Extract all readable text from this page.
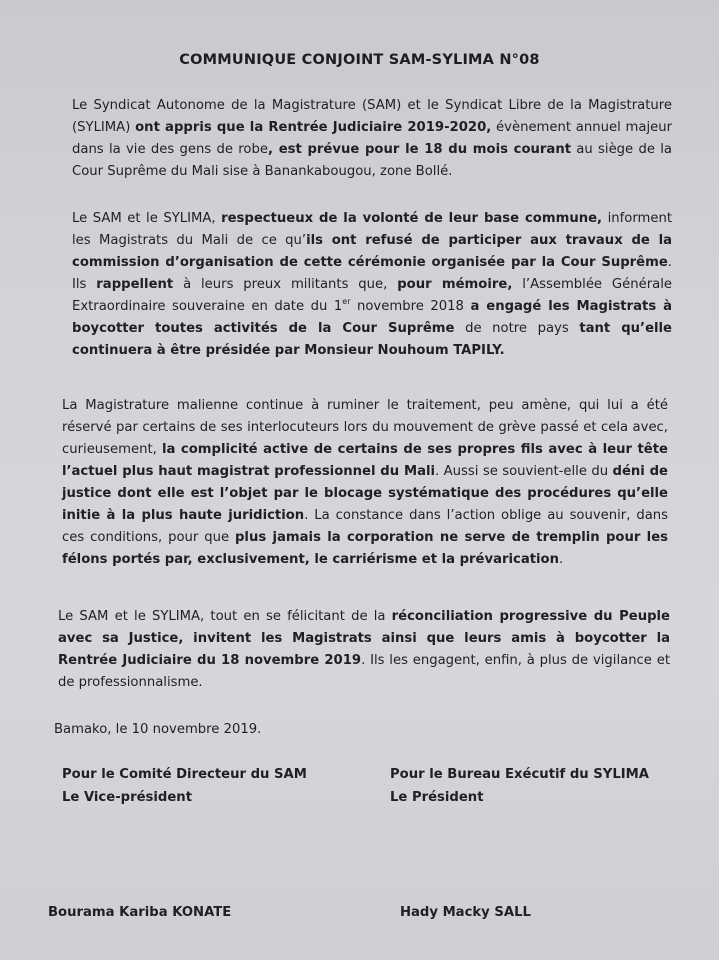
COMMUNIQUE CONJOINT SAM-SYLIMA N°08
Le Syndicat Autonome de la Magistrature (SAM) et le Syndicat Libre de la Magistrature (SYLIMA) ont appris que la Rentrée Judiciaire 2019-2020, évènement annuel majeur dans la vie des gens de robe, est prévue pour le 18 du mois courant au siège de la Cour Suprême du Mali sise à Banankabougou, zone Bollé.
Le SAM et le SYLIMA, respectueux de la volonté de leur base commune, informent les Magistrats du Mali de ce qu’ils ont refusé de participer aux travaux de la commission d’organisation de cette cérémonie organisée par la Cour Suprême. Ils rappellent à leurs preux militants que, pour mémoire, l’Assemblée Générale Extraordinaire souveraine en date du 1er novembre 2018 a engagé les Magistrats à boycotter toutes activités de la Cour Suprême de notre pays tant qu’elle continuera à être présidée par Monsieur Nouhoum TAPILY.
La Magistrature malienne continue à ruminer le traitement, peu amène, qui lui a été réservé par certains de ses interlocuteurs lors du mouvement de grève passé et cela avec, curieusement, la complicité active de certains de ses propres fils avec à leur tête l’actuel plus haut magistrat professionnel du Mali. Aussi se souvient-elle du déni de justice dont elle est l’objet par le blocage systématique des procédures qu’elle initie à la plus haute juridiction. La constance dans l’action oblige au souvenir, dans ces conditions, pour que plus jamais la corporation ne serve de tremplin pour les félons portés par, exclusivement, le carriérisme et la prévarication.
Le SAM et le SYLIMA, tout en se félicitant de la réconciliation progressive du Peuple avec sa Justice, invitent les Magistrats ainsi que leurs amis à boycotter la Rentrée Judiciaire du 18 novembre 2019. Ils les engagent, enfin, à plus de vigilance et de professionnalisme.
Bamako, le 10 novembre 2019.
Pour le Comité Directeur du SAM
Le Vice-président
Pour le Bureau Exécutif du SYLIMA
Le Président
Bourama Kariba KONATE	Hady Macky SALL
